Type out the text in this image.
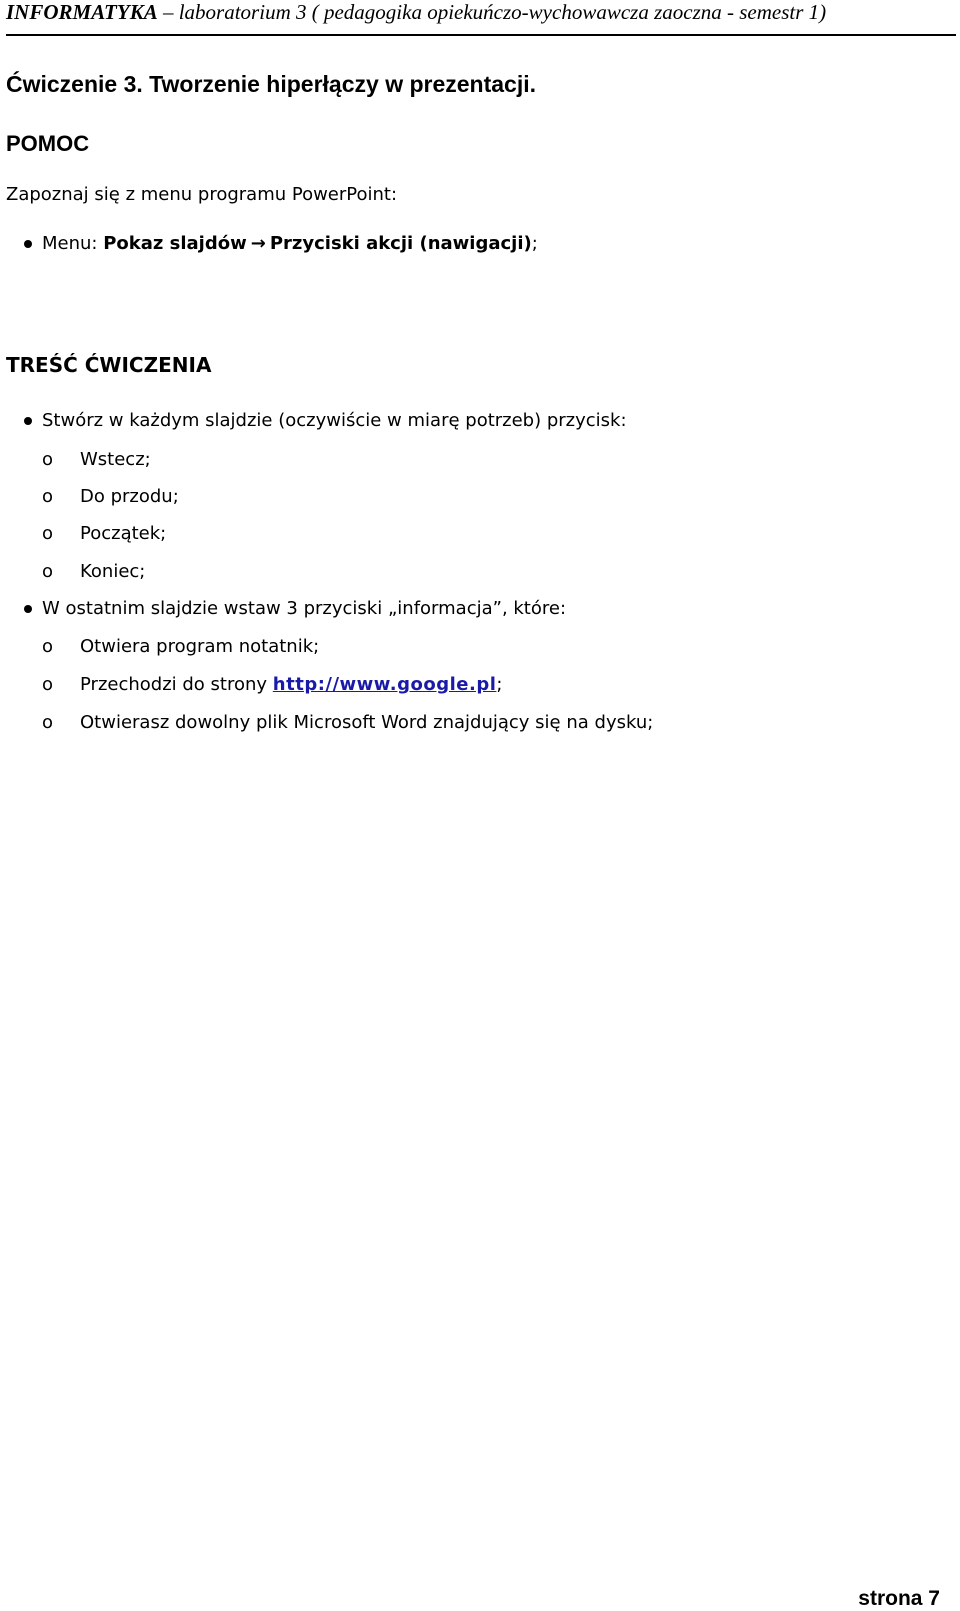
INFORMATYKA – laboratorium 3 ( pedagogika opiekuńczo-wychowawcza zaoczna - semestr 1)
Ćwiczenie 3. Tworzenie hiperłączy w prezentacji.
POMOC
Zapoznaj się z menu programu PowerPoint:
Menu: Pokaz slajdów → Przyciski akcji (nawigacji);
TREŚĆ ĆWICZENIA
Stwórz w każdym slajdzie (oczywiście w miarę potrzeb) przycisk:
o Wstecz;
o Do przodu;
o Początek;
o Koniec;
W ostatnim slajdzie wstaw 3 przyciski „informacja”, które:
o Otwiera program notatnik;
o Przechodzi do strony http://www.google.pl;
o Otwierasz dowolny plik Microsoft Word znajdujący się na dysku;
strona 7
